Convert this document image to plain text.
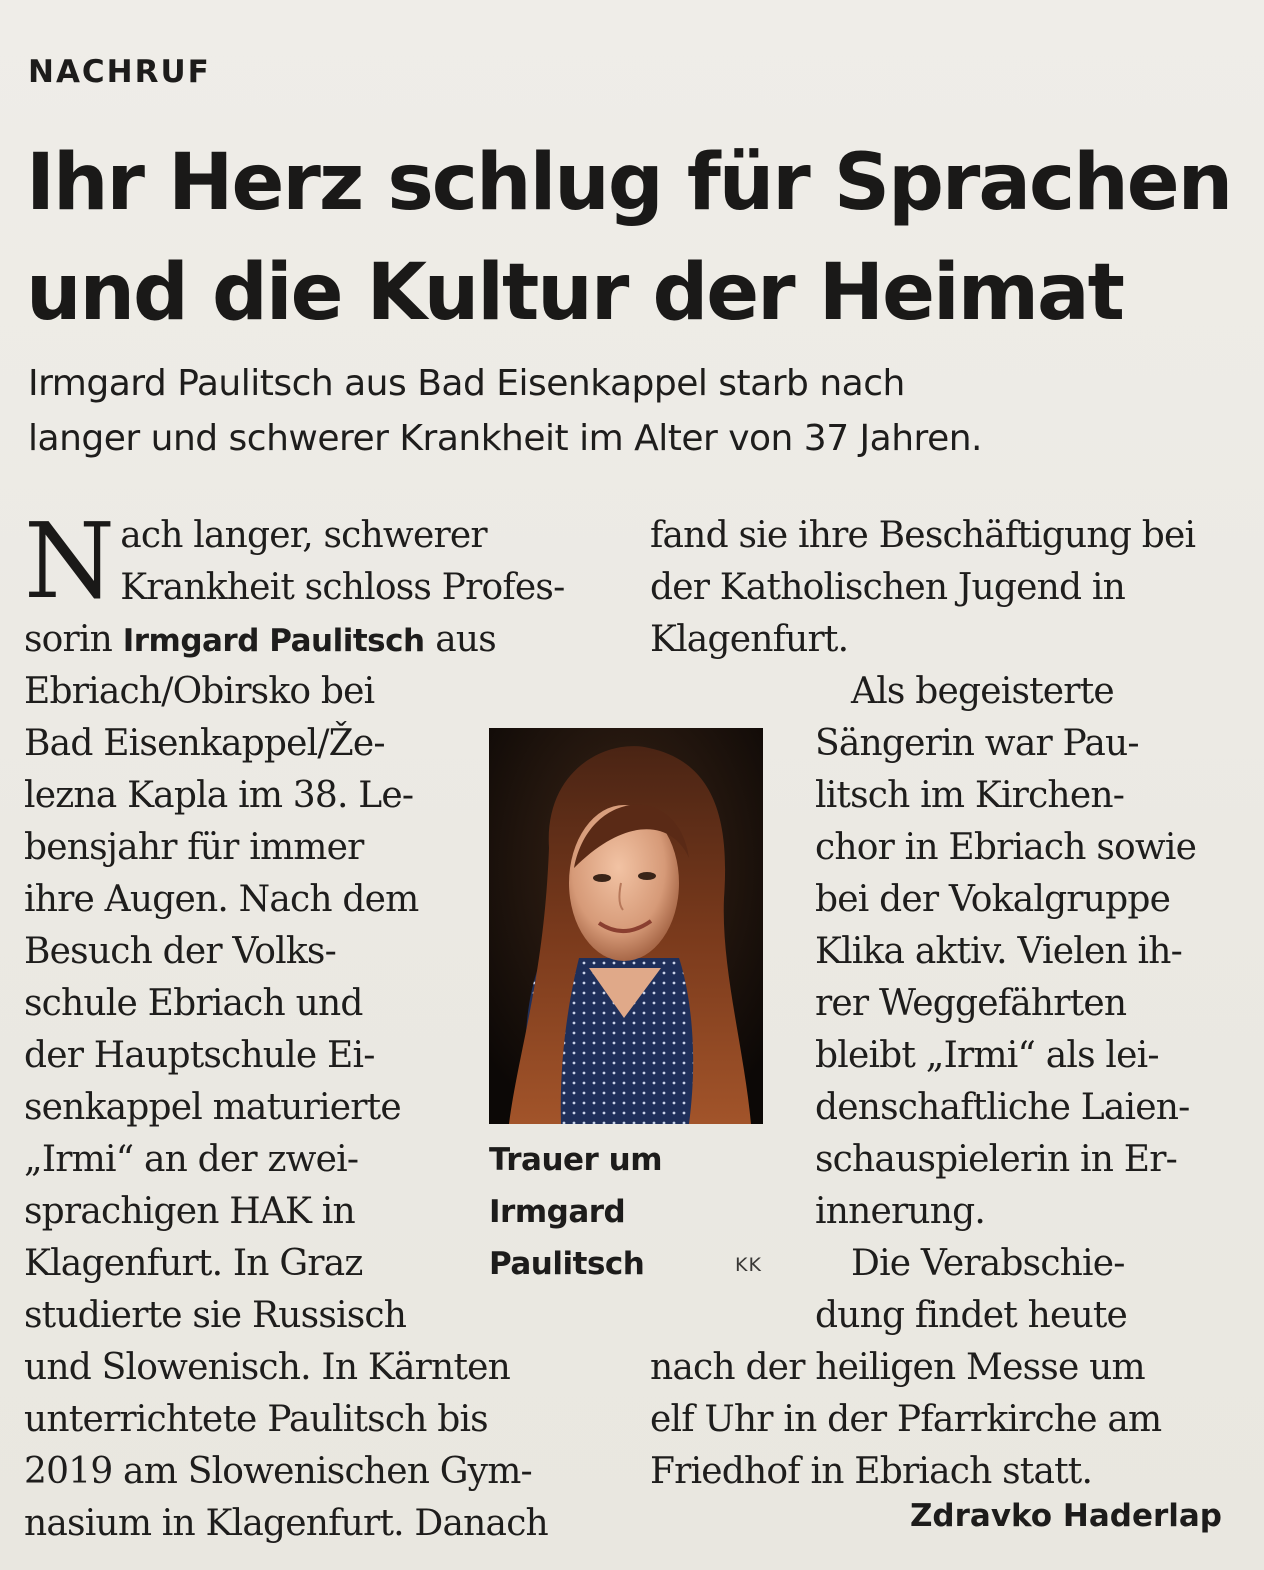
NACHRUF
Ihr Herz schlug für Sprachen
und die Kultur der Heimat
Irmgard Paulitsch aus Bad Eisenkappel starb nach
langer und schwerer Krankheit im Alter von 37 Jahren.
N ach langer, schwerer
Krankheit schloss Profes-
sorin Irmgard Paulitsch aus
Ebriach/Obirsko bei
Bad Eisenkappel/Že-
lezna Kapla im 38. Le-
bensjahr für immer
ihre Augen. Nach dem
Besuch der Volks-
schule Ebriach und
der Hauptschule Ei-
senkappel maturierte
„Irmi“ an der zwei-
sprachigen HAK in
Klagenfurt. In Graz
studierte sie Russisch
und Slowenisch. In Kärnten
unterrichtete Paulitsch bis
2019 am Slowenischen Gym-
nasium in Klagenfurt. Danach
fand sie ihre Beschäftigung bei
der Katholischen Jugend in
Klagenfurt.
Als begeisterte
Sängerin war Pau-
litsch im Kirchen-
chor in Ebriach sowie
bei der Vokalgruppe
Klika aktiv. Vielen ih-
rer Weggefährten
bleibt „Irmi“ als lei-
denschaftliche Laien-
schauspielerin in Er-
innerung.
Die Verabschie-
dung findet heute
nach der heiligen Messe um
elf Uhr in der Pfarrkirche am
Friedhof in Ebriach statt.
Trauer um
Irmgard
Paulitsch	KK
Zdravko Haderlap
